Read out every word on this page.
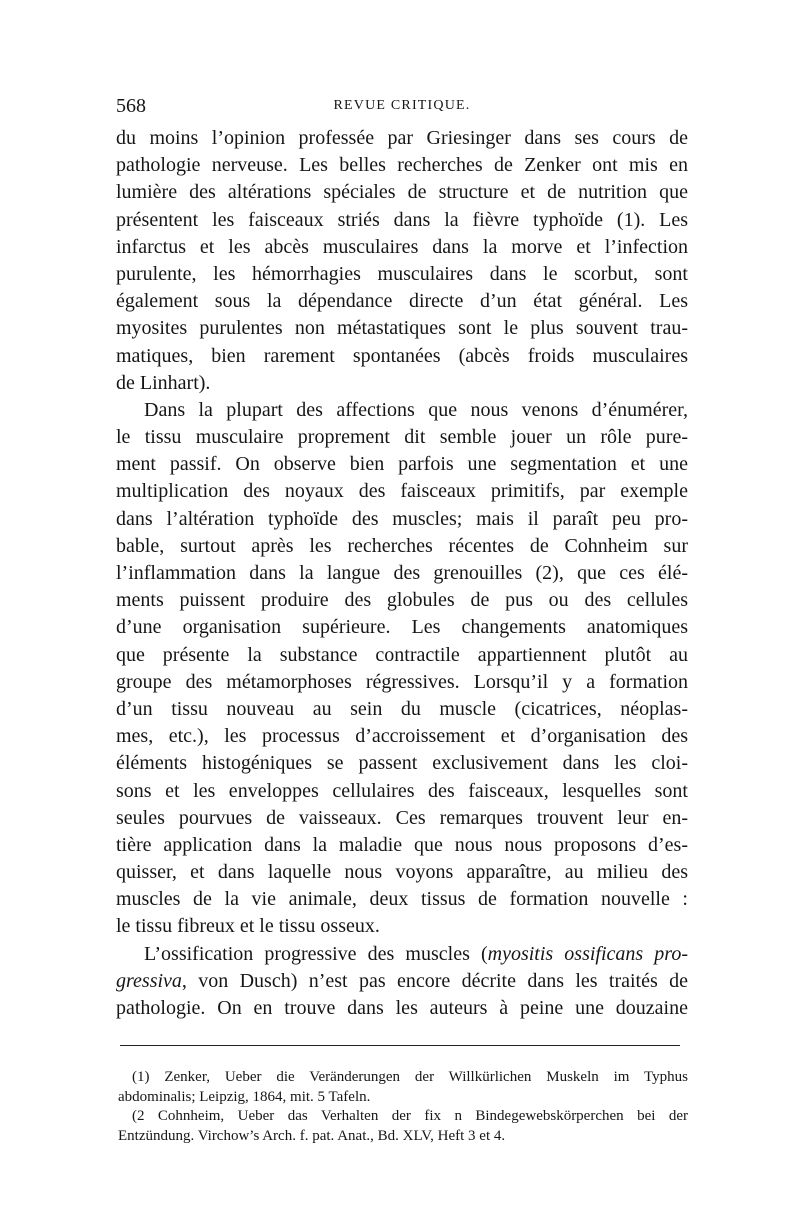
568	REVUE CRITIQUE.
du moins l’opinion professée par Griesinger dans ses cours de
pathologie nerveuse. Les belles recherches de Zenker ont mis en
lumière des altérations spéciales de structure et de nutrition que
présentent les faisceaux striés dans la fièvre typhoïde (1). Les
infarctus et les abcès musculaires dans la morve et l’infection
purulente, les hémorrhagies musculaires dans le scorbut, sont
également sous la dépendance directe d’un état général. Les
myosites purulentes non métastatiques sont le plus souvent trau-
matiques, bien rarement spontanées (abcès froids musculaires
de Linhart).
Dans la plupart des affections que nous venons d’énumérer,
le tissu musculaire proprement dit semble jouer un rôle pure-
ment passif. On observe bien parfois une segmentation et une
multiplication des noyaux des faisceaux primitifs, par exemple
dans l’altération typhoïde des muscles; mais il paraît peu pro-
bable, surtout après les recherches récentes de Cohnheim sur
l’inflammation dans la langue des grenouilles (2), que ces élé-
ments puissent produire des globules de pus ou des cellules
d’une organisation supérieure. Les changements anatomiques
que présente la substance contractile appartiennent plutôt au
groupe des métamorphoses régressives. Lorsqu’il y a formation
d’un tissu nouveau au sein du muscle (cicatrices, néoplas-
mes, etc.), les processus d’accroissement et d’organisation des
éléments histogéniques se passent exclusivement dans les cloi-
sons et les enveloppes cellulaires des faisceaux, lesquelles sont
seules pourvues de vaisseaux. Ces remarques trouvent leur en-
tière application dans la maladie que nous nous proposons d’es-
quisser, et dans laquelle nous voyons apparaître, au milieu des
muscles de la vie animale, deux tissus de formation nouvelle :
le tissu fibreux et le tissu osseux.
L’ossification progressive des muscles (myositis ossificans pro-
gressiva, von Dusch) n’est pas encore décrite dans les traités de
pathologie. On en trouve dans les auteurs à peine une douzaine
(1) Zenker, Ueber die Veränderungen der Willkürlichen Muskeln im Typhus
abdominalis; Leipzig, 1864, mit. 5 Tafeln.
(2 Cohnheim, Ueber das Verhalten der fix n Bindegewebskörperchen bei der
Entzündung. Virchow’s Arch. f. pat. Anat., Bd. XLV, Heft 3 et 4.
